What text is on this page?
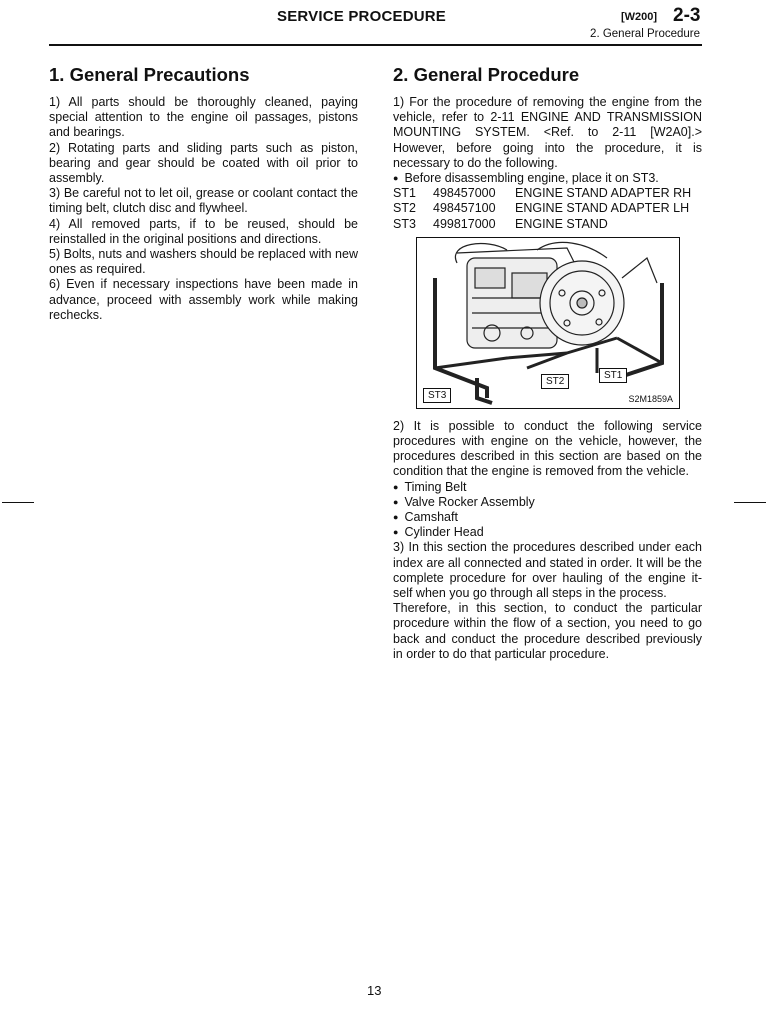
SERVICE PROCEDURE	[W200] 2-3
2. General Procedure
1. General Precautions

1) All parts should be thoroughly cleaned, paying special attention to the engine oil passages, pistons and bearings.

2) Rotating parts and sliding parts such as piston, bearing and gear should be coated with oil prior to assembly.

3) Be careful not to let oil, grease or coolant contact the timing belt, clutch disc and flywheel.

4) All removed parts, if to be reused, should be reinstalled in the original positions and directions.

5) Bolts, nuts and washers should be replaced with new ones as required.

6) Even if necessary inspections have been made in advance, proceed with assembly work while making rechecks.

2. General Procedure

1) For the procedure of removing the engine from the vehicle, refer to 2-11 ENGINE AND TRANSMISSION MOUNTING SYSTEM. <Ref. to 2-11 [W2A0].> However, before going into the procedure, it is necessary to do the following.

● Before disassembling engine, place it on ST3.

ST1	498457000	ENGINE STAND ADAPTER RH
ST2	498457100	ENGINE STAND ADAPTER LH
ST3	499817000	ENGINE STAND
ST3
ST2
ST1
S2M1859A

2) It is possible to conduct the following service procedures with engine on the vehicle, however, the procedures described in this section are based on the condition that the engine is removed from the vehicle.

● Timing Belt

● Valve Rocker Assembly

● Camshaft

● Cylinder Head

3) In this section the procedures described under each index are all connected and stated in order. It will be the complete procedure for over hauling of the engine it-self when you go through all steps in the process.

Therefore, in this section, to conduct the particular procedure within the flow of a section, you need to go back and conduct the procedure described previously in order to do that particular procedure.

13
